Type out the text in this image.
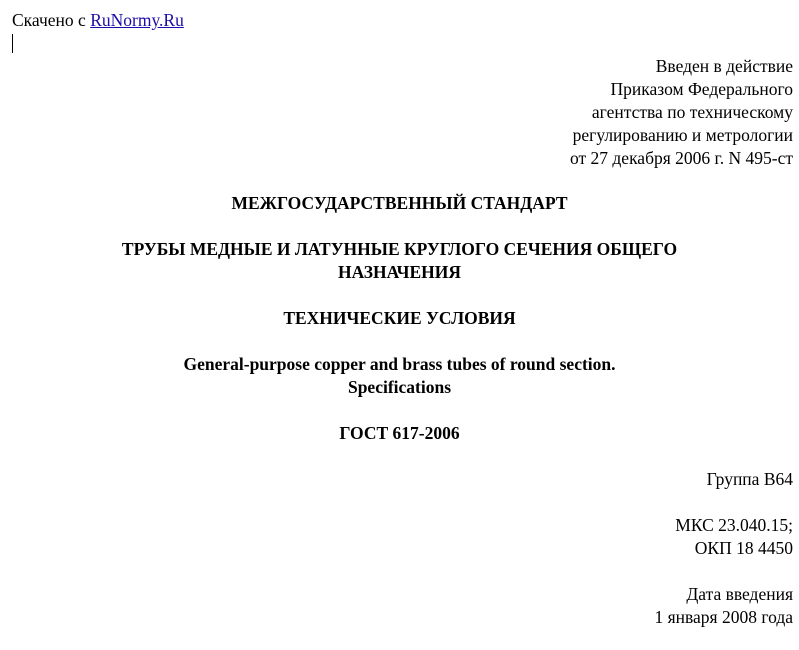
Скачено с RuNormy.Ru
Введен в действие
Приказом Федерального
агентства по техническому
регулированию и метрологии
от 27 декабря 2006 г. N 495-ст
МЕЖГОСУДАРСТВЕННЫЙ СТАНДАРТ
ТРУБЫ МЕДНЫЕ И ЛАТУННЫЕ КРУГЛОГО СЕЧЕНИЯ ОБЩЕГО
НАЗНАЧЕНИЯ
ТЕХНИЧЕСКИЕ УСЛОВИЯ
General-purpose copper and brass tubes of round section.
Specifications
ГОСТ 617-2006
Группа В64
МКС 23.040.15;
ОКП 18 4450
Дата введения
1 января 2008 года
